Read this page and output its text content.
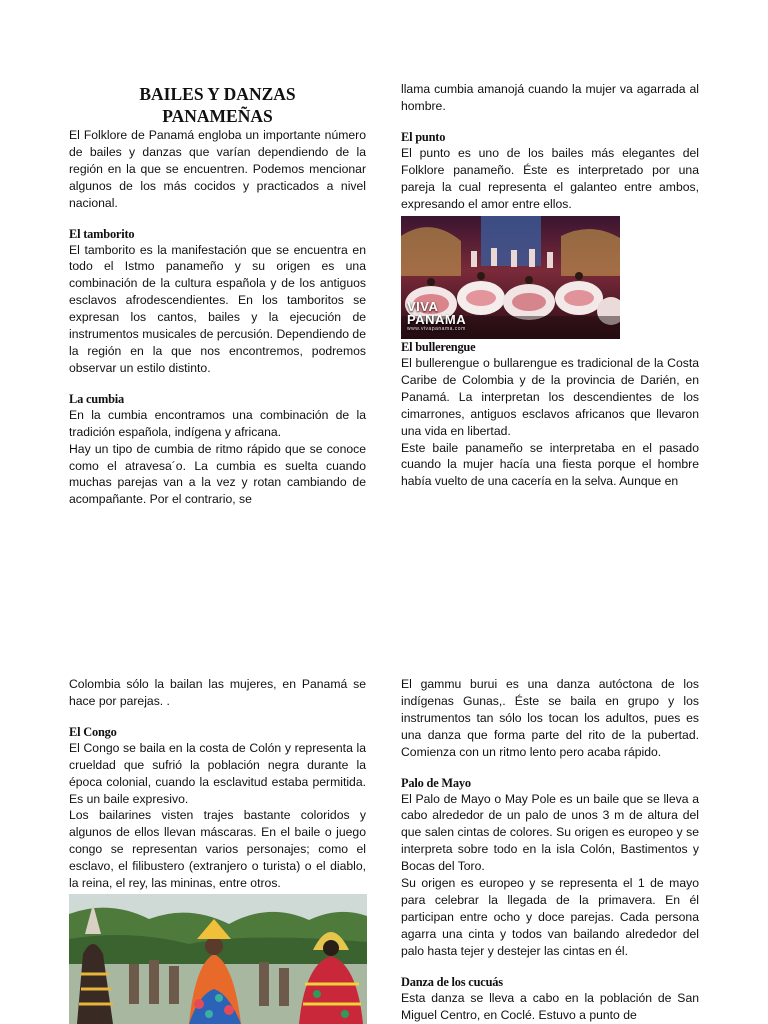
BAILES Y DANZAS PANAMEÑAS

El Folklore de Panamá engloba un importante número de bailes y danzas que varían dependiendo de la región en la que se encuentren. Podemos mencionar algunos de los más cocidos y practicados a nivel nacional.

El tamborito

El tamborito es la manifestación que se encuentra en todo el Istmo panameño y su origen es una combinación de la cultura española y de los antiguos esclavos afrodescendientes. En los tamboritos se expresan los cantos, bailes y la ejecución de instrumentos musicales de percusión. Dependiendo de la región en la que nos encontremos, podremos observar un estilo distinto.

La cumbia

En la cumbia encontramos una combinación de la tradición española, indígena y africana.

Hay un tipo de cumbia de ritmo rápido que se conoce como el atravesa´o. La cumbia es suelta cuando muchas parejas van a la vez y rotan cambiando de acompañante. Por el contrario, se

llama cumbia amanojá cuando la mujer va agarrada al hombre.

El punto

El punto es uno de los bailes más elegantes del Folklore panameño. Éste es interpretado por una pareja la cual representa el galanteo entre ambos, expresando el amor entre ellos.

VIVA
PANAMA
www.vivapanama.com
El bullerengue

El bullerengue o bullarengue es tradicional de la Costa Caribe de Colombia y de la provincia de Darién, en Panamá. La interpretan los descendientes de los cimarrones, antiguos esclavos africanos que llevaron una vida en libertad.

Este baile panameño se interpretaba en el pasado cuando la mujer hacía una fiesta porque el hombre había vuelto de una cacería en la selva. Aunque en

Colombia sólo la bailan las mujeres, en Panamá se hace por parejas. .

El Congo

El Congo se baila en la costa de Colón y representa la crueldad que sufrió la población negra durante la época colonial, cuando la esclavitud estaba permitida. Es un baile expresivo.

Los bailarines visten trajes bastante coloridos y algunos de ellos llevan máscaras. En el baile o juego congo se representan varios personajes; como el esclavo, el filibustero (extranjero o turista) o el diablo, la reina, el rey, las mininas, entre otros.

El gammu burui es una danza autóctona de los indígenas Gunas,. Éste se baila en grupo y los instrumentos tan sólo los tocan los adultos, pues es una danza que forma parte del rito de la pubertad. Comienza con un ritmo lento pero acaba rápido.

Palo de Mayo

El Palo de Mayo o May Pole es un baile que se lleva a cabo alrededor de un palo de unos 3 m de altura del que salen cintas de colores. Su origen es europeo y se interpreta sobre todo en la isla Colón, Bastimentos y Bocas del Toro.

Su origen es europeo y se representa el 1 de mayo para celebrar la llegada de la primavera. En él participan entre ocho y doce parejas. Cada persona agarra una cinta y todos van bailando alrededor del palo hasta tejer y destejer las cintas en él.

Danza de los cucuás

Esta danza se lleva a cabo en la población de San Miguel Centro, en Coclé. Estuvo a punto de
